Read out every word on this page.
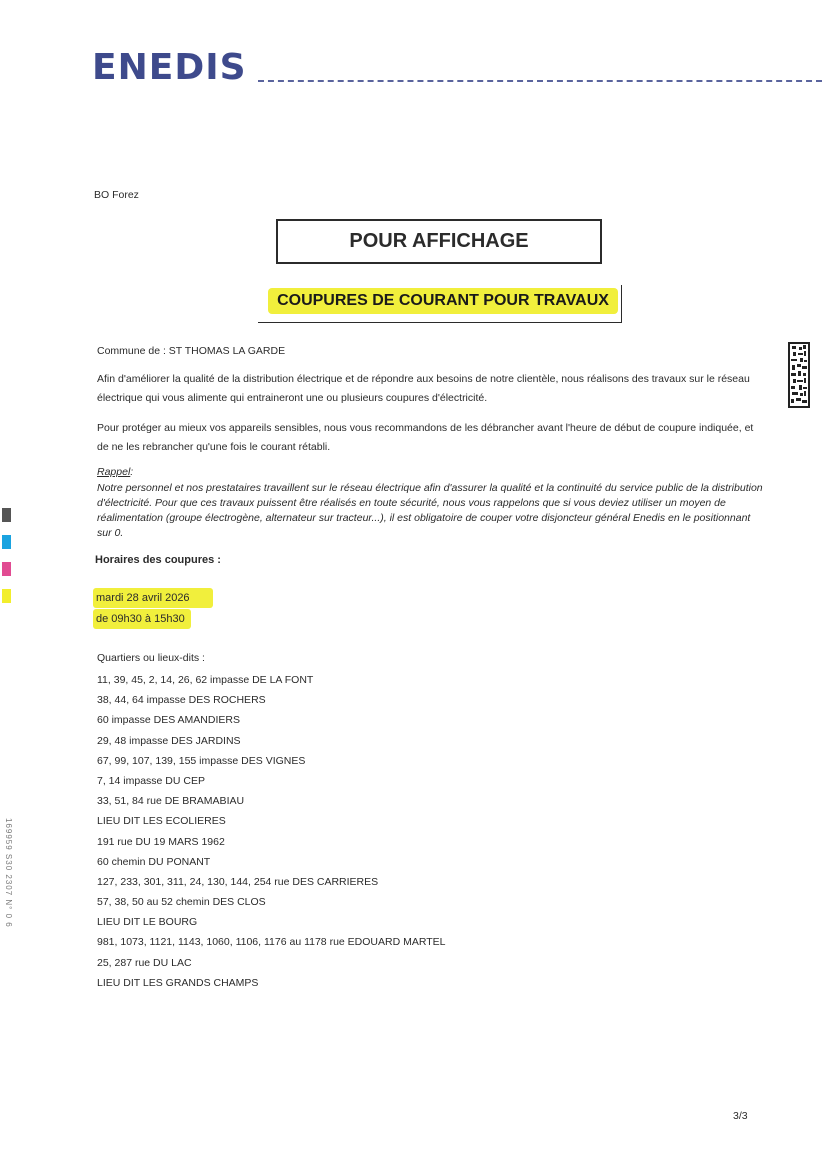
ENEDIS
BO Forez
POUR AFFICHAGE
COUPURES DE COURANT POUR TRAVAUX
Commune de : ST THOMAS LA GARDE
Afin d'améliorer la qualité de la distribution électrique et de répondre aux besoins de notre clientèle, nous réalisons des travaux sur le réseau électrique qui vous alimente qui entraineront une ou plusieurs coupures d'électricité.
Pour protéger au mieux vos appareils sensibles, nous vous recommandons de les débrancher avant l'heure de début de coupure indiquée, et de ne les rebrancher qu'une fois le courant rétabli.
Rappel:
Notre personnel et nos prestataires travaillent sur le réseau électrique afin d'assurer la qualité et la continuité du service public de la distribution d'électricité. Pour que ces travaux puissent être réalisés en toute sécurité, nous vous rappelons que si vous deviez utiliser un moyen de réalimentation (groupe électrogène, alternateur sur tracteur...), il est obligatoire de couper votre disjoncteur général Enedis en le positionnant sur 0.
Horaires des coupures :
mardi 28 avril 2026
de 09h30 à 15h30
Quartiers ou lieux-dits :
11, 39, 45, 2, 14, 26, 62 impasse DE LA FONT
38, 44, 64 impasse DES ROCHERS
60 impasse DES AMANDIERS
29, 48 impasse DES JARDINS
67, 99, 107, 139, 155 impasse DES VIGNES
7, 14 impasse DU CEP
33, 51, 84 rue DE BRAMABIAU
LIEU DIT LES ECOLIERES
191 rue DU 19 MARS 1962
60 chemin DU PONANT
127, 233, 301, 311, 24, 130, 144, 254 rue DES CARRIERES
57, 38, 50 au 52 chemin DES CLOS
LIEU DIT LE BOURG
981, 1073, 1121, 1143, 1060, 1106, 1176 au 1178 rue EDOUARD MARTEL
25, 287 rue DU LAC
LIEU DIT LES GRANDS CHAMPS
3/3
169959 S30 2307 N° 0 6
